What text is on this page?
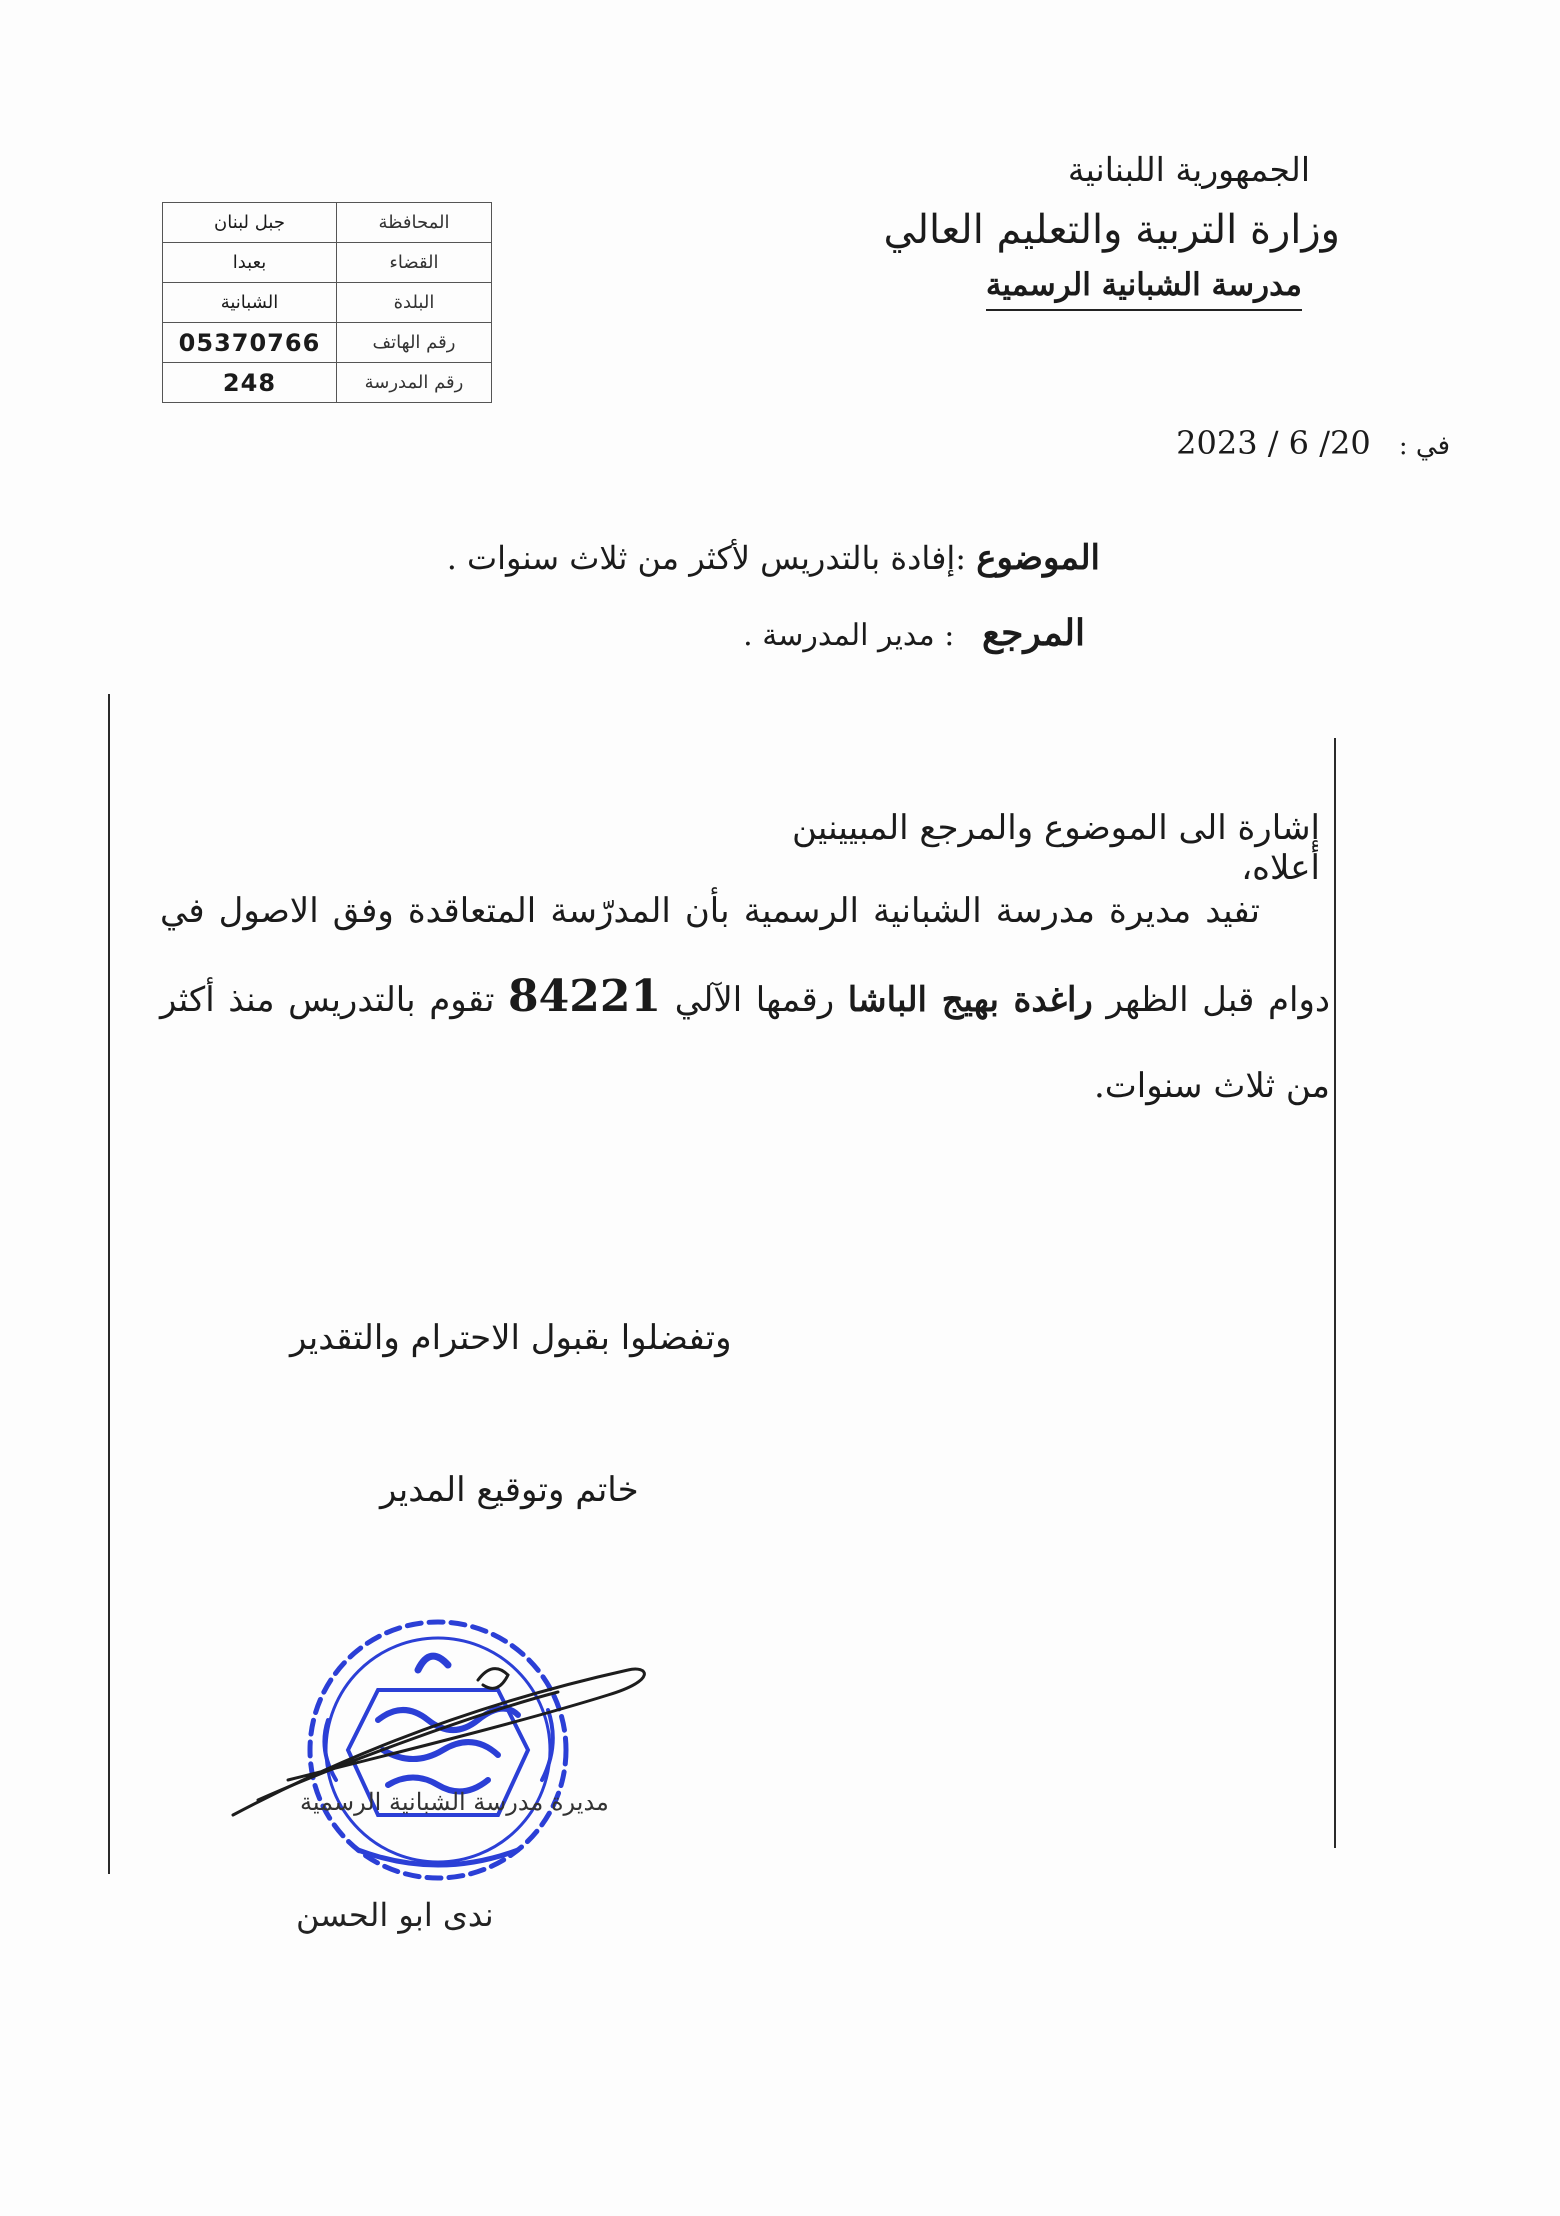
الجمهورية اللبنانية
وزارة التربية والتعليم العالي
مدرسة الشبانية الرسمية
جبل لبنان	المحافظة
بعبدا	القضاء
الشبانية	البلدة
05370766	رقم الهاتف
248	رقم المدرسة
في : 2023 / 6 /20
الموضوع :إفادة بالتدريس لأكثر من ثلاث سنوات .
المرجع : مدير المدرسة .
إشارة الى الموضوع والمرجع المبيينين أعلاه،
تفيد مديرة مدرسة الشبانية الرسمية بأن المدرّسة المتعاقدة وفق الاصول في دوام قبل الظهر راغدة بهيج الباشا رقمها الآلي 84221 تقوم بالتدريس منذ أكثر من ثلاث سنوات.
وتفضلوا بقبول الاحترام والتقدير
خاتم وتوقيع المدير
مديرة مدرسة الشبانية الرسمية
ندى ابو الحسن
